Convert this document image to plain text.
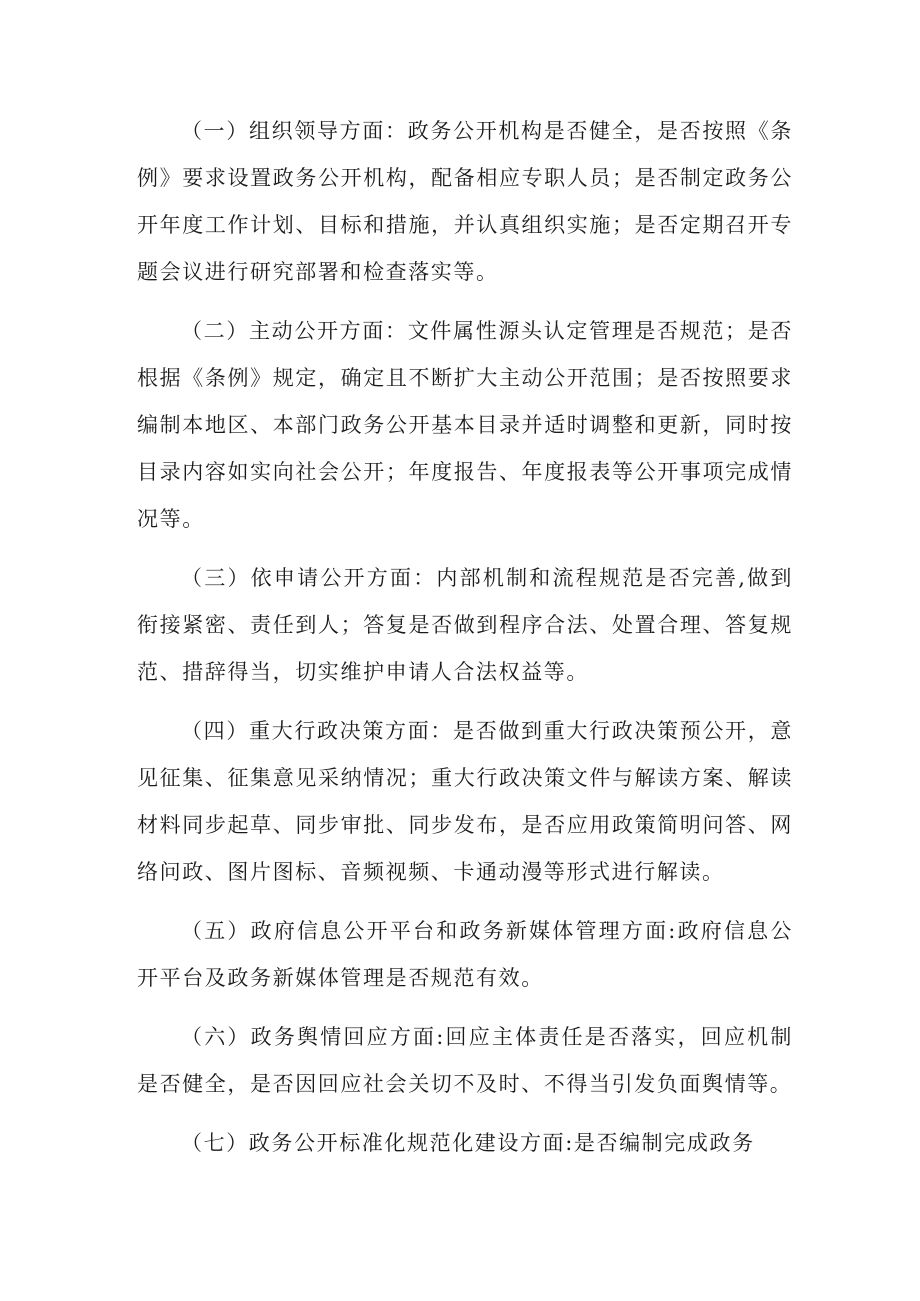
（一）组织领导方面：政务公开机构是否健全，是否按照《条例》要求设置政务公开机构，配备相应专职人员；是否制定政务公开年度工作计划、目标和措施，并认真组织实施；是否定期召开专题会议进行研究部署和检查落实等。

（二）主动公开方面：文件属性源头认定管理是否规范；是否根据《条例》规定，确定且不断扩大主动公开范围；是否按照要求编制本地区、本部门政务公开基本目录并适时调整和更新，同时按目录内容如实向社会公开；年度报告、年度报表等公开事项完成情况等。

（三）依申请公开方面：内部机制和流程规范是否完善,做到衔接紧密、责任到人；答复是否做到程序合法、处置合理、答复规范、措辞得当，切实维护申请人合法权益等。

（四）重大行政决策方面：是否做到重大行政决策预公开，意见征集、征集意见采纳情况；重大行政决策文件与解读方案、解读材料同步起草、同步审批、同步发布，是否应用政策简明问答、网络问政、图片图标、音频视频、卡通动漫等形式进行解读。

（五）政府信息公开平台和政务新媒体管理方面:政府信息公开平台及政务新媒体管理是否规范有效。

（六）政务舆情回应方面:回应主体责任是否落实，回应机制是否健全，是否因回应社会关切不及时、不得当引发负面舆情等。

（七）政务公开标准化规范化建设方面:是否编制完成政务
